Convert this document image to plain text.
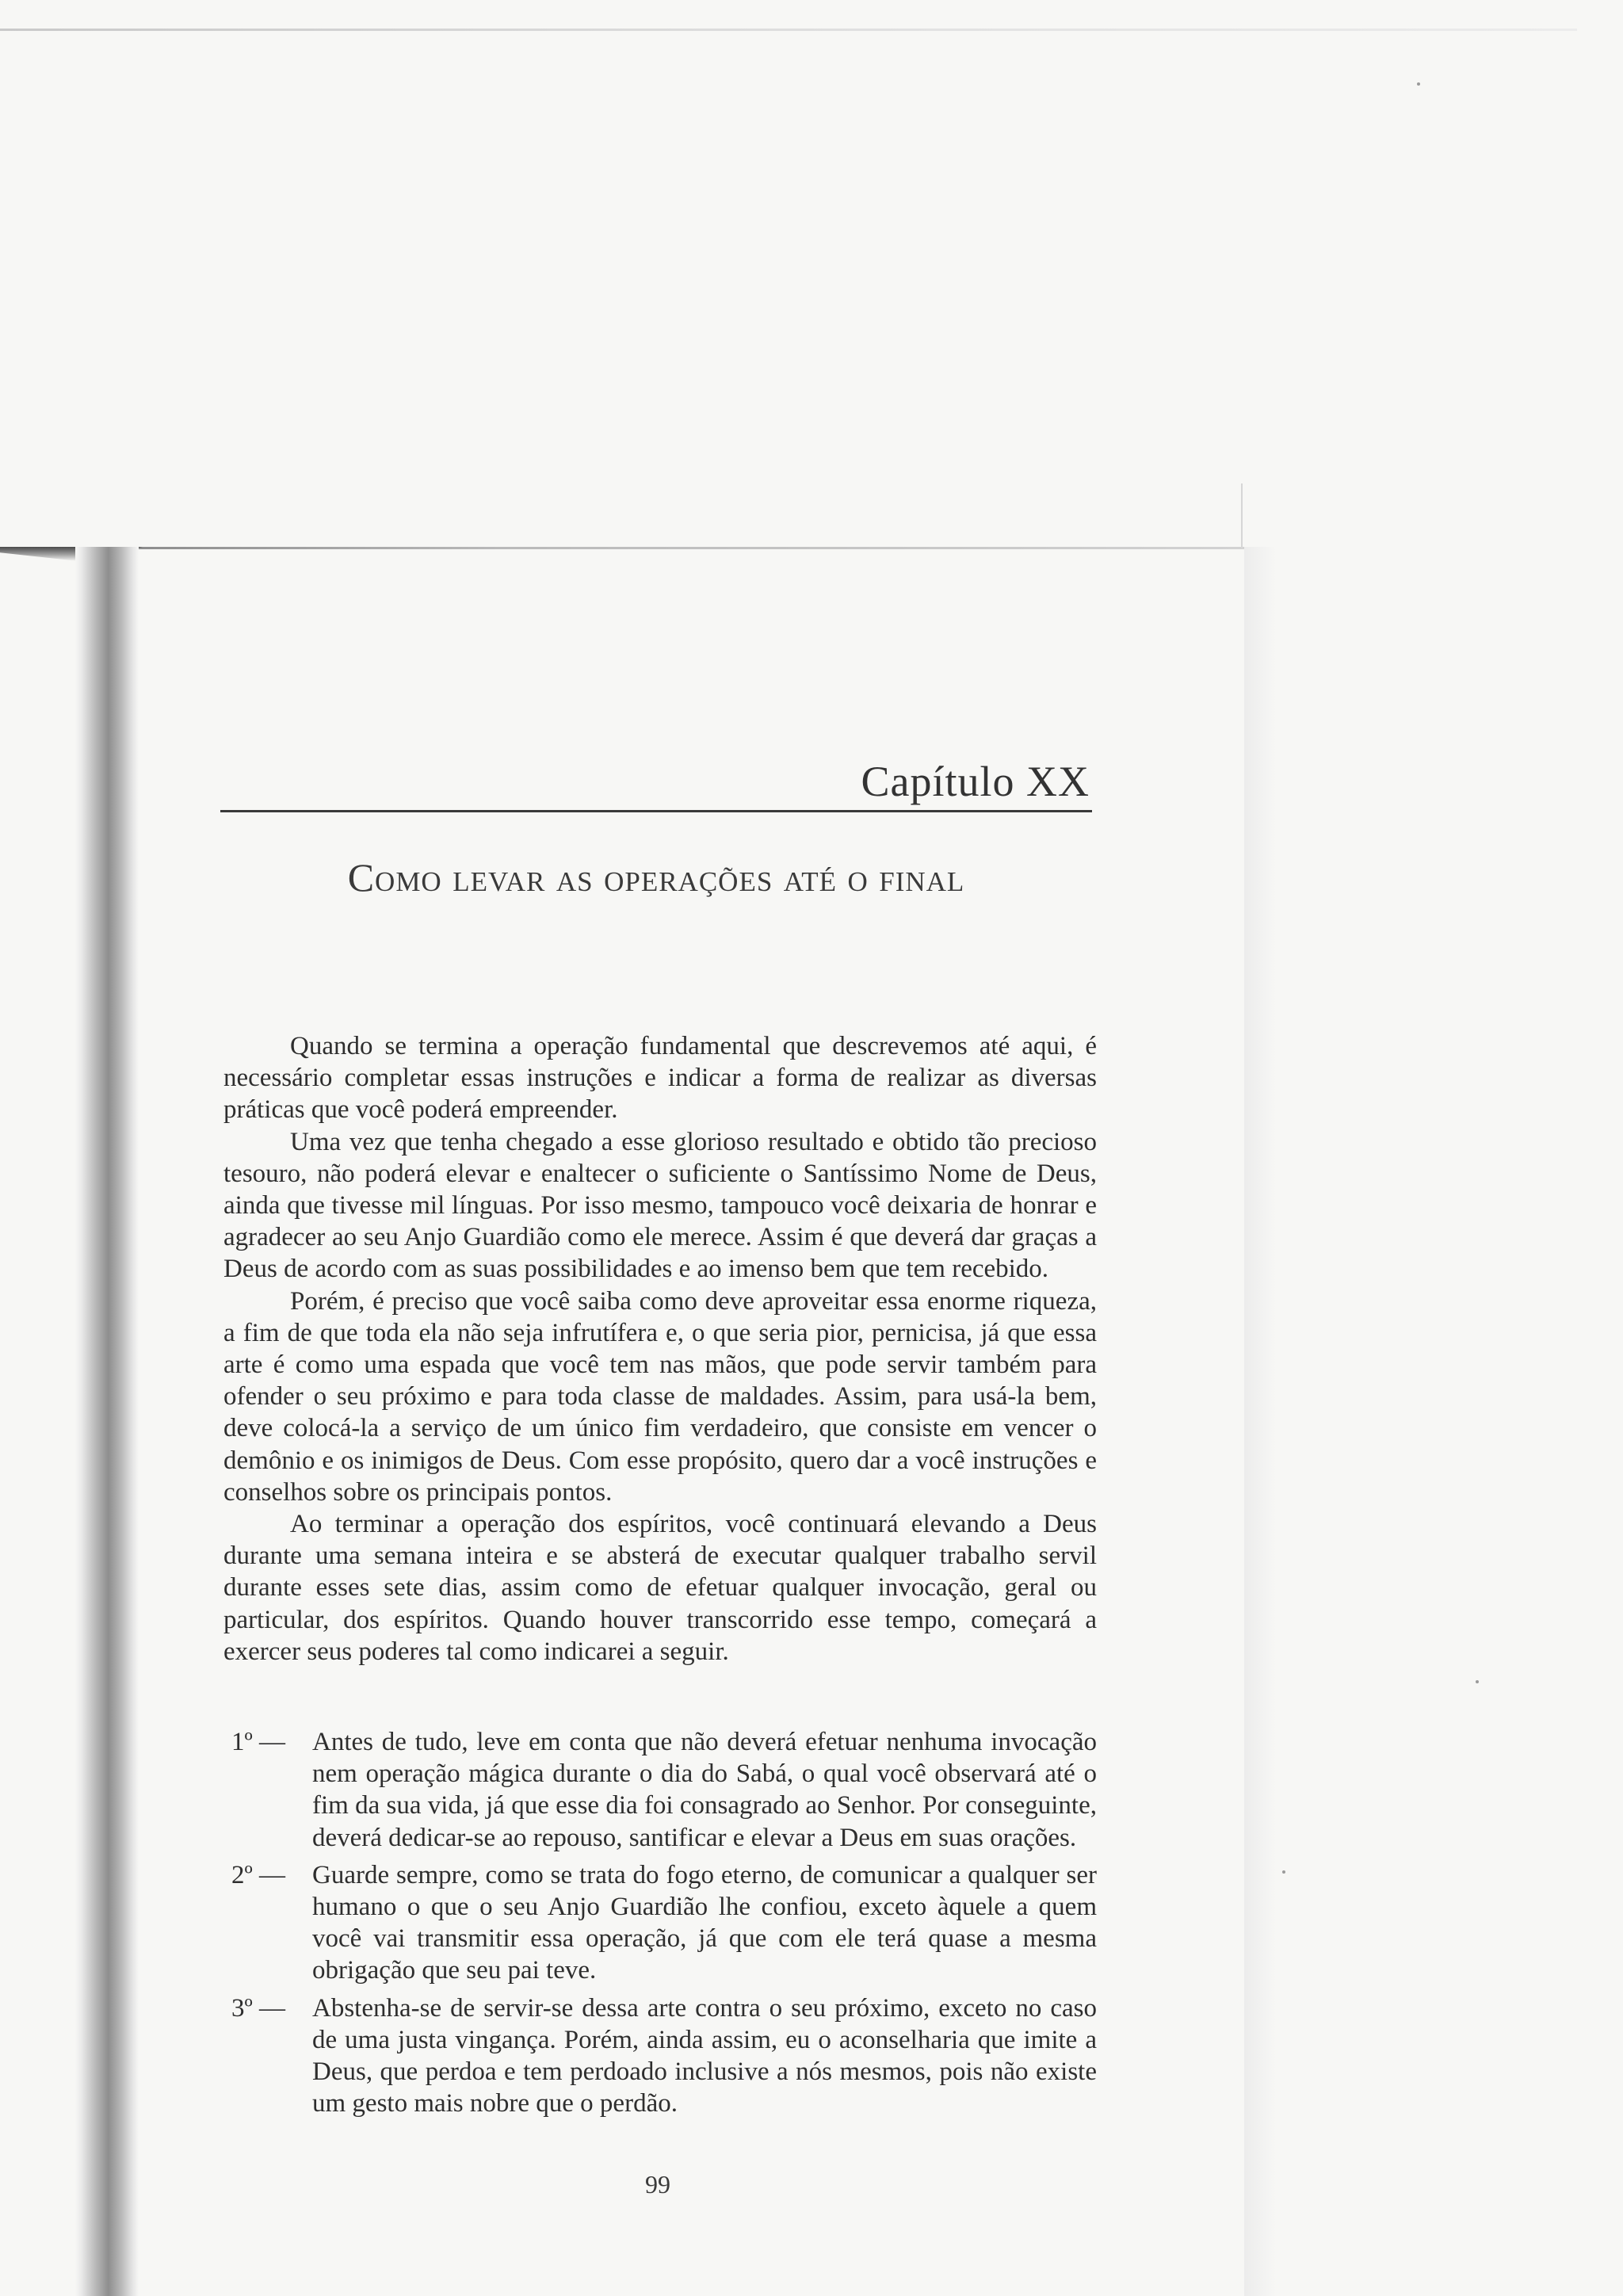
Capítulo XX
Como levar as operações até o final

Quando se termina a operação fundamental que descrevemos até aqui, é necessário completar essas instruções e indicar a forma de realizar as diversas práticas que você poderá empreender.

Uma vez que tenha chegado a esse glorioso resultado e obtido tão precioso tesouro, não poderá elevar e enaltecer o suficiente o Santíssimo Nome de Deus, ainda que tivesse mil línguas. Por isso mesmo, tampouco você deixaria de honrar e agradecer ao seu Anjo Guardião como ele merece. Assim é que deverá dar graças a Deus de acordo com as suas possibilidades e ao imenso bem que tem recebido.

Porém, é preciso que você saiba como deve aproveitar essa enorme riqueza, a fim de que toda ela não seja infrutífera e, o que seria pior, pernicisa, já que essa arte é como uma espada que você tem nas mãos, que pode servir também para ofender o seu próximo e para toda classe de maldades. Assim, para usá-la bem, deve colocá-la a serviço de um único fim verdadeiro, que consiste em vencer o demônio e os inimigos de Deus. Com esse propósito, quero dar a você instruções e conselhos sobre os principais pontos.

Ao terminar a operação dos espíritos, você continuará elevando a Deus durante uma semana inteira e se absterá de executar qualquer trabalho servil durante esses sete dias, assim como de efetuar qualquer invocação, geral ou particular, dos espíritos. Quando houver transcorrido esse tempo, começará a exercer seus poderes tal como indicarei a seguir.

1º — Antes de tudo, leve em conta que não deverá efetuar nenhuma invocação nem operação mágica durante o dia do Sabá, o qual você observará até o fim da sua vida, já que esse dia foi consagrado ao Senhor. Por conseguinte, deverá dedicar-se ao repouso, santificar e elevar a Deus em suas orações.
2º — Guarde sempre, como se trata do fogo eterno, de comunicar a qualquer ser humano o que o seu Anjo Guardião lhe confiou, exceto àquele a quem você vai transmitir essa operação, já que com ele terá quase a mesma obrigação que seu pai teve.
3º — Abstenha-se de servir-se dessa arte contra o seu próximo, exceto no caso de uma justa vingança. Porém, ainda assim, eu o aconselharia que imite a Deus, que perdoa e tem perdoado inclusive a nós mesmos, pois não existe um gesto mais nobre que o perdão.
99
